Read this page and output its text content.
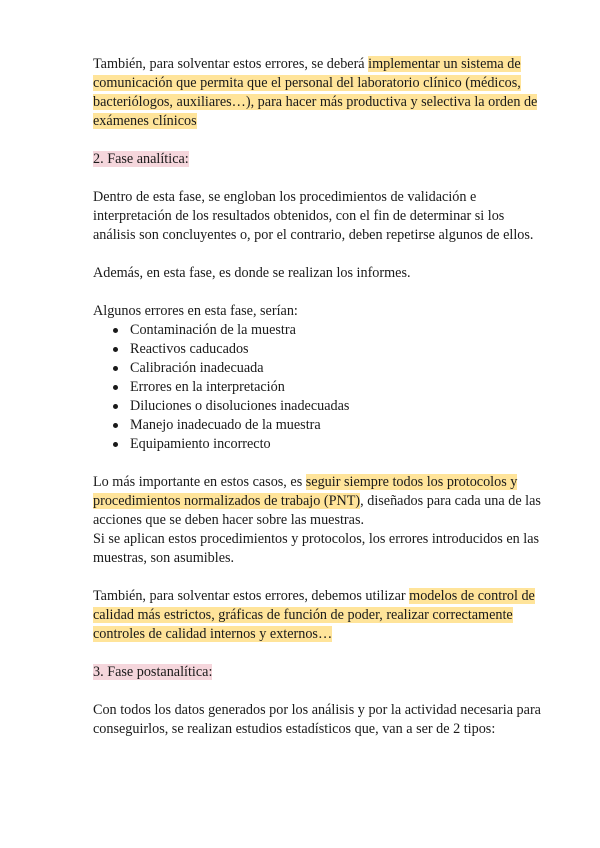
También, para solventar estos errores, se deberá implementar un sistema de comunicación que permita que el personal del laboratorio clínico (médicos, bacteriólogos, auxiliares…), para hacer más productiva y selectiva la orden de exámenes clínicos

2. Fase analítica:

Dentro de esta fase, se engloban los procedimientos de validación e interpretación de los resultados obtenidos, con el fin de determinar si los análisis son concluyentes o, por el contrario, deben repetirse algunos de ellos.

Además, en esta fase, es donde se realizan los informes.

Algunos errores en esta fase, serían:

Contaminación de la muestra
Reactivos caducados
Calibración inadecuada
Errores en la interpretación
Diluciones o disoluciones inadecuadas
Manejo inadecuado de la muestra
Equipamiento incorrecto

Lo más importante en estos casos, es seguir siempre todos los protocolos y procedimientos normalizados de trabajo (PNT), diseñados para cada una de las acciones que se deben hacer sobre las muestras.

Si se aplican estos procedimientos y protocolos, los errores introducidos en las muestras, son asumibles.

También, para solventar estos errores, debemos utilizar modelos de control de calidad más estrictos, gráficas de función de poder, realizar correctamente controles de calidad internos y externos…

3. Fase postanalítica:

Con todos los datos generados por los análisis y por la actividad necesaria para conseguirlos, se realizan estudios estadísticos que, van a ser de 2 tipos:
